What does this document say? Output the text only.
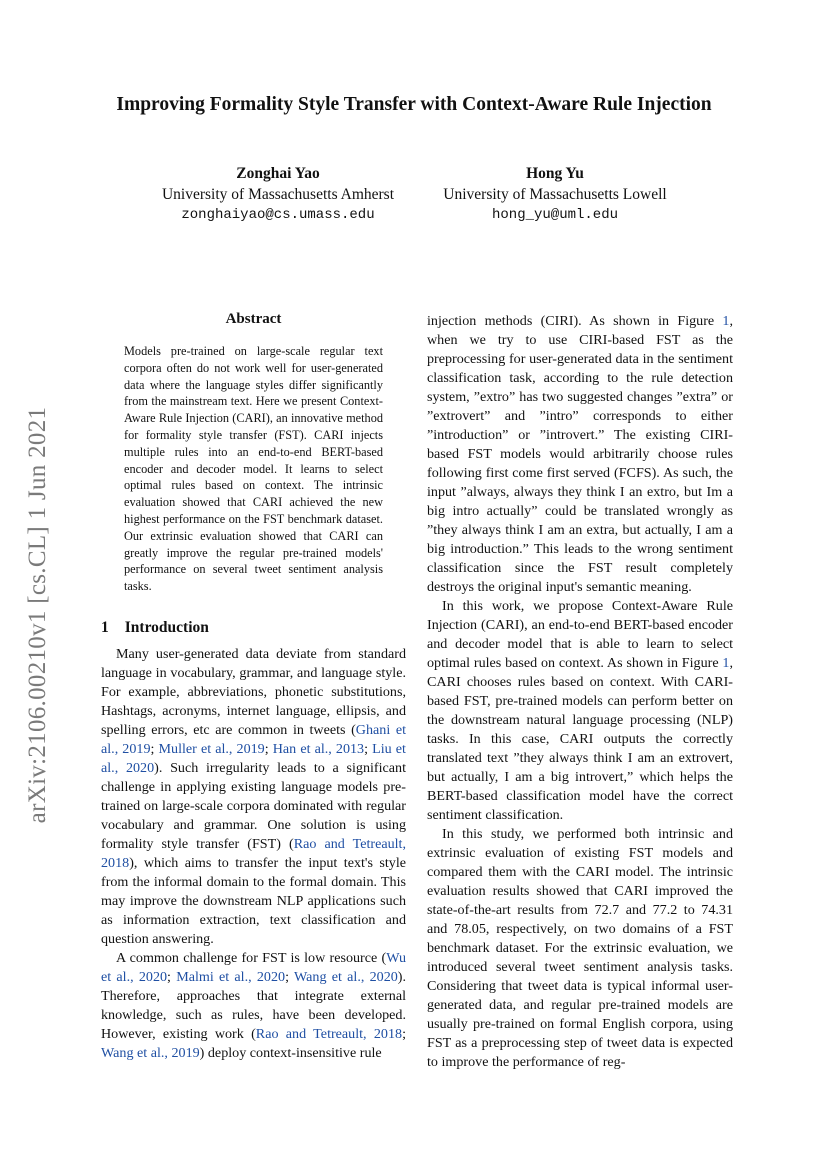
Improving Formality Style Transfer with Context-Aware Rule Injection
Zonghai Yao
University of Massachusetts Amherst
zonghaiyao@cs.umass.edu
Hong Yu
University of Massachusetts Lowell
hong_yu@uml.edu
arXiv:2106.00210v1 [cs.CL] 1 Jun 2021
Abstract
Models pre-trained on large-scale regular text corpora often do not work well for user-generated data where the language styles differ significantly from the mainstream text. Here we present Context-Aware Rule Injection (CARI), an innovative method for formality style transfer (FST). CARI injects multiple rules into an end-to-end BERT-based encoder and decoder model. It learns to select optimal rules based on context. The intrinsic evaluation showed that CARI achieved the new highest performance on the FST benchmark dataset. Our extrinsic evaluation showed that CARI can greatly improve the regular pre-trained models' performance on several tweet sentiment analysis tasks.
1 Introduction

Many user-generated data deviate from standard language in vocabulary, grammar, and language style. For example, abbreviations, phonetic substitutions, Hashtags, acronyms, internet language, ellipsis, and spelling errors, etc are common in tweets (Ghani et al., 2019; Muller et al., 2019; Han et al., 2013; Liu et al., 2020). Such irregularity leads to a significant challenge in applying existing language models pre-trained on large-scale corpora dominated with regular vocabulary and grammar. One solution is using formality style transfer (FST) (Rao and Tetreault, 2018), which aims to transfer the input text's style from the informal domain to the formal domain. This may improve the downstream NLP applications such as information extraction, text classification and question answering.

A common challenge for FST is low resource (Wu et al., 2020; Malmi et al., 2020; Wang et al., 2020). Therefore, approaches that integrate external knowledge, such as rules, have been developed. However, existing work (Rao and Tetreault, 2018; Wang et al., 2019) deploy context-insensitive rule

injection methods (CIRI). As shown in Figure 1, when we try to use CIRI-based FST as the preprocessing for user-generated data in the sentiment classification task, according to the rule detection system, ”extro” has two suggested changes ”extra” or ”extrovert” and ”intro” corresponds to either ”introduction” or ”introvert.” The existing CIRI-based FST models would arbitrarily choose rules following first come first served (FCFS). As such, the input ”always, always they think I an extro, but Im a big intro actually” could be translated wrongly as ”they always think I am an extra, but actually, I am a big introduction.” This leads to the wrong sentiment classification since the FST result completely destroys the original input's semantic meaning.

In this work, we propose Context-Aware Rule Injection (CARI), an end-to-end BERT-based encoder and decoder model that is able to learn to select optimal rules based on context. As shown in Figure 1, CARI chooses rules based on context. With CARI-based FST, pre-trained models can perform better on the downstream natural language processing (NLP) tasks. In this case, CARI outputs the correctly translated text ”they always think I am an extrovert, but actually, I am a big introvert,” which helps the BERT-based classification model have the correct sentiment classification.

In this study, we performed both intrinsic and extrinsic evaluation of existing FST models and compared them with the CARI model. The intrinsic evaluation results showed that CARI improved the state-of-the-art results from 72.7 and 77.2 to 74.31 and 78.05, respectively, on two domains of a FST benchmark dataset. For the extrinsic evaluation, we introduced several tweet sentiment analysis tasks. Considering that tweet data is typical informal user-generated data, and regular pre-trained models are usually pre-trained on formal English corpora, using FST as a preprocessing step of tweet data is expected to improve the performance of reg-
